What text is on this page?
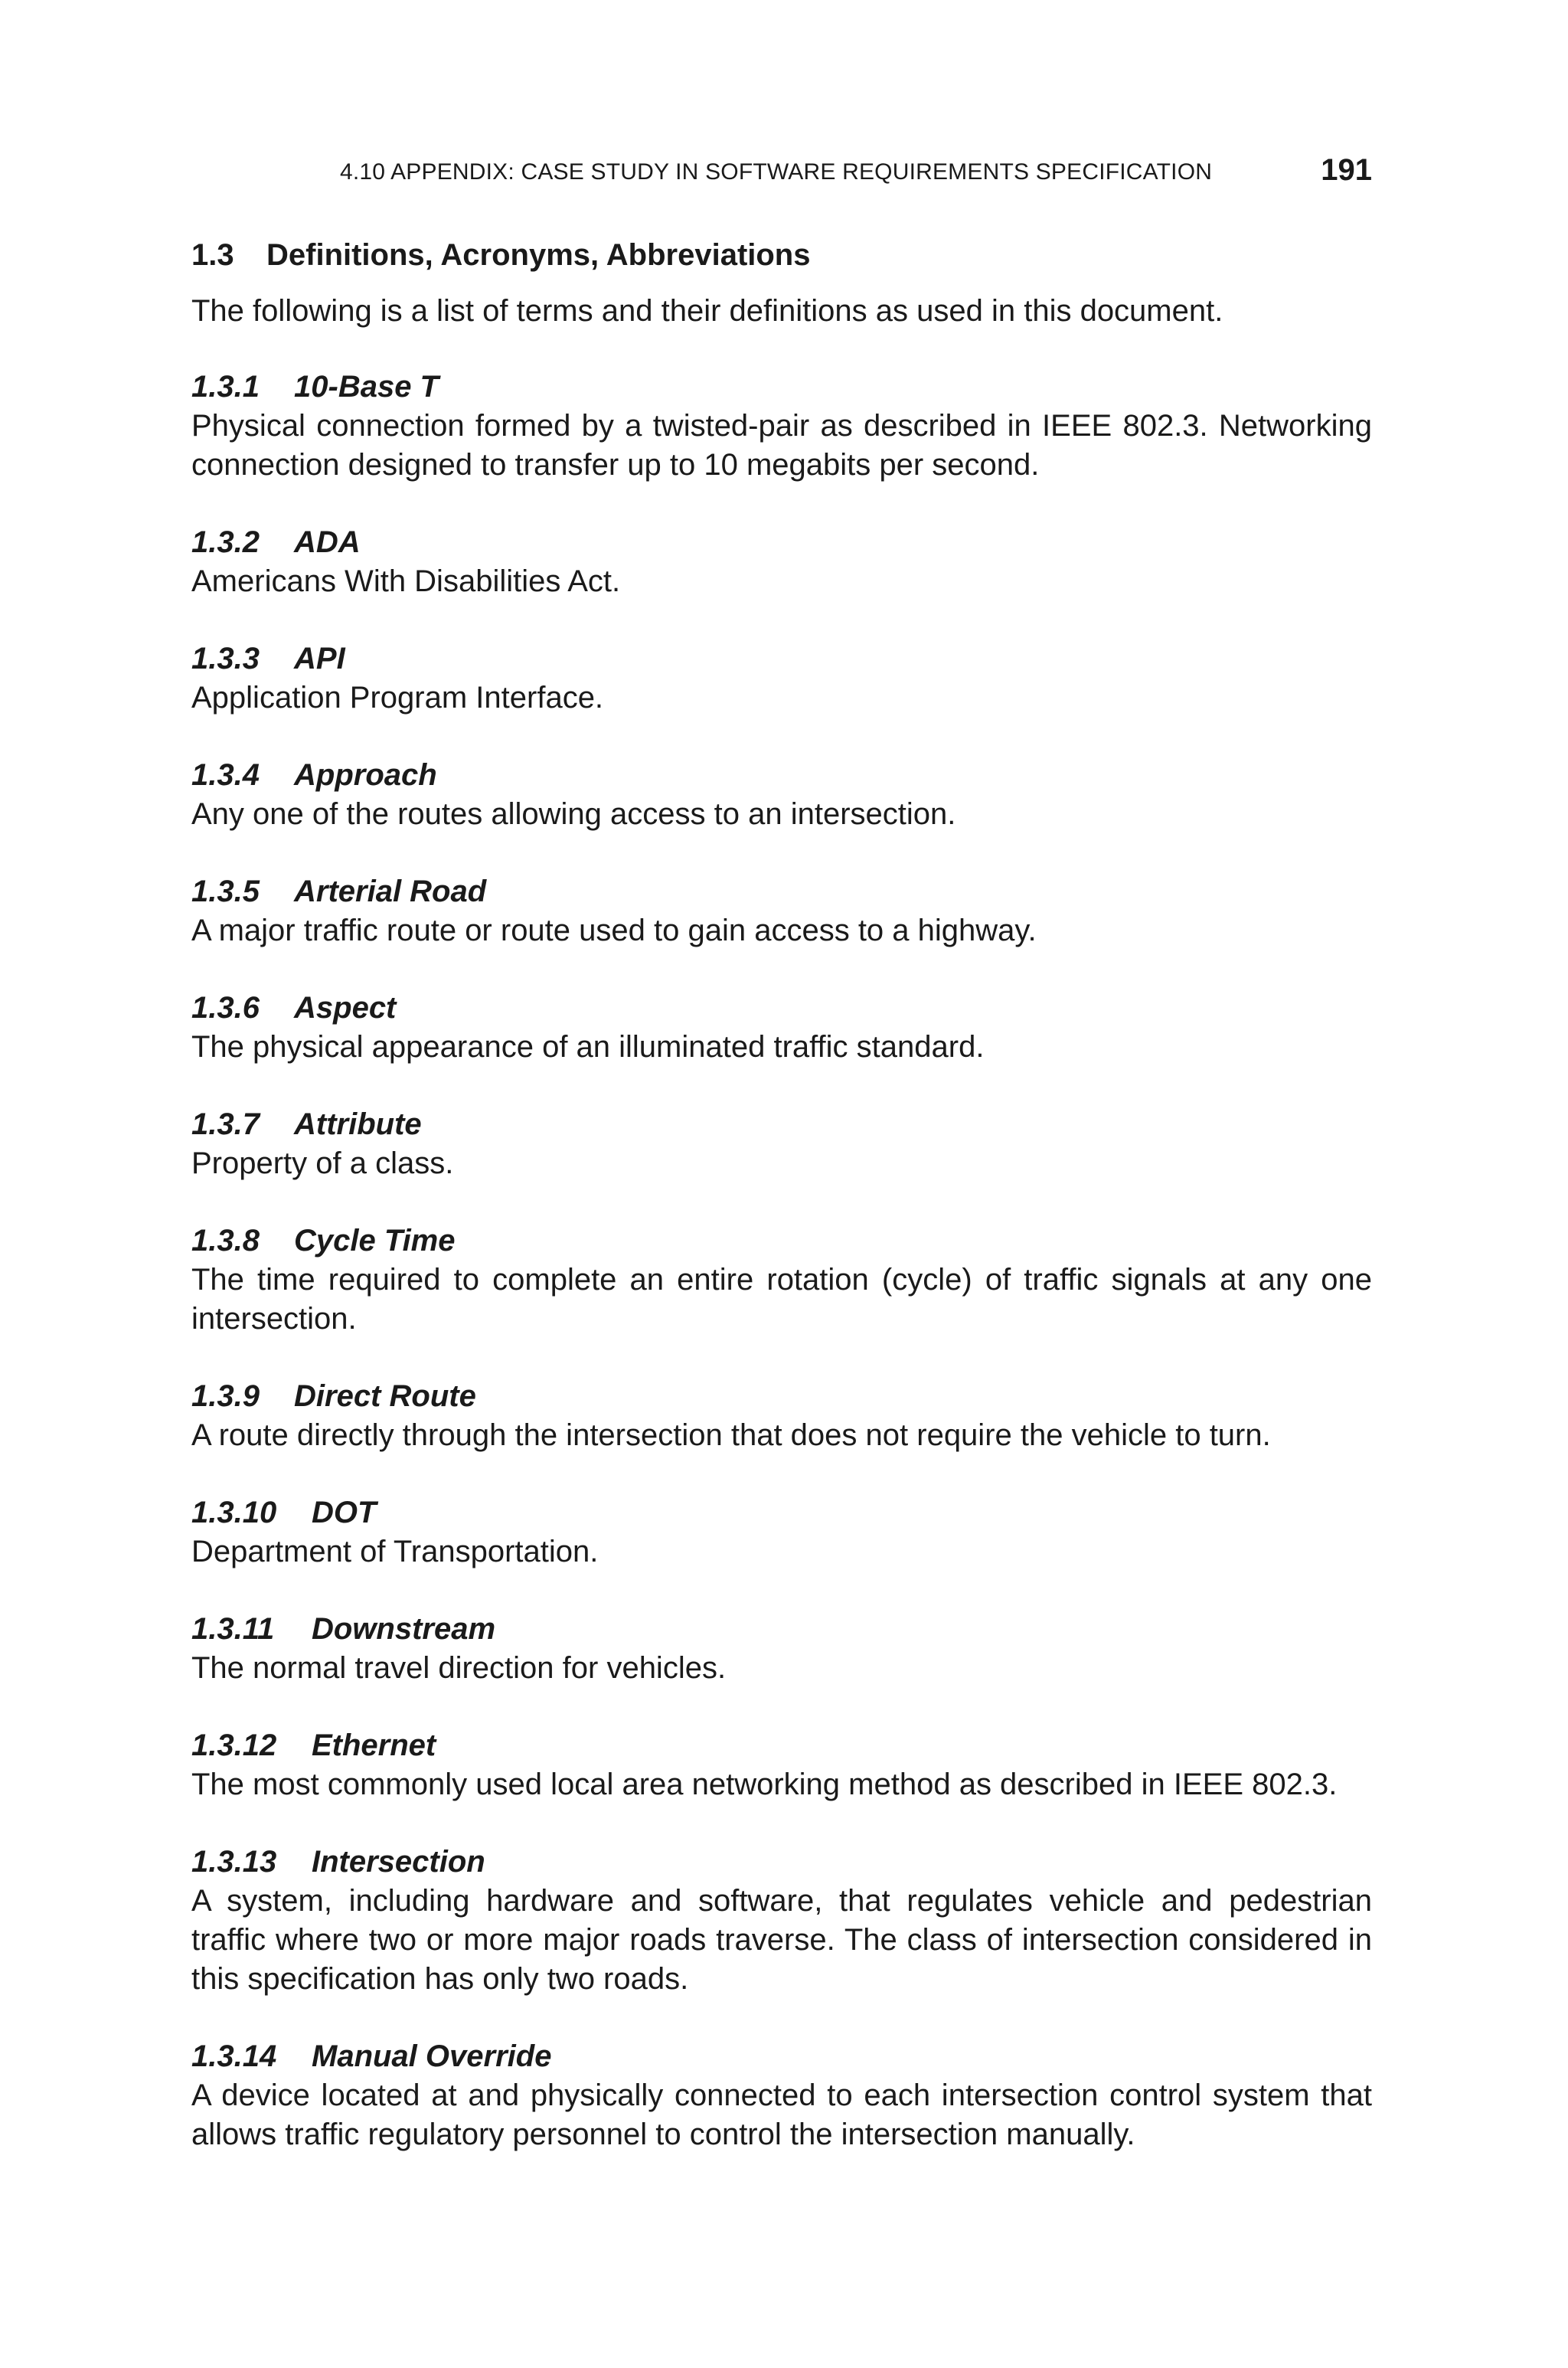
4.10 APPENDIX: CASE STUDY IN SOFTWARE REQUIREMENTS SPECIFICATION	191
1.3 Definitions, Acronyms, Abbreviations

The following is a list of terms and their definitions as used in this document.

1.3.1 10-Base T

Physical connection formed by a twisted-pair as described in IEEE 802.3. Networking connection designed to transfer up to 10 megabits per second.

1.3.2 ADA

Americans With Disabilities Act.

1.3.3 API

Application Program Interface.

1.3.4 Approach

Any one of the routes allowing access to an intersection.

1.3.5 Arterial Road

A major traffic route or route used to gain access to a highway.

1.3.6 Aspect

The physical appearance of an illuminated traffic standard.

1.3.7 Attribute

Property of a class.

1.3.8 Cycle Time

The time required to complete an entire rotation (cycle) of traffic signals at any one intersection.

1.3.9 Direct Route

A route directly through the intersection that does not require the vehicle to turn.

1.3.10 DOT

Department of Transportation.

1.3.11 Downstream

The normal travel direction for vehicles.

1.3.12 Ethernet

The most commonly used local area networking method as described in IEEE 802.3.

1.3.13 Intersection

A system, including hardware and software, that regulates vehicle and pedestrian traffic where two or more major roads traverse. The class of intersection considered in this specification has only two roads.

1.3.14 Manual Override

A device located at and physically connected to each intersection control system that allows traffic regulatory personnel to control the intersection manually.
